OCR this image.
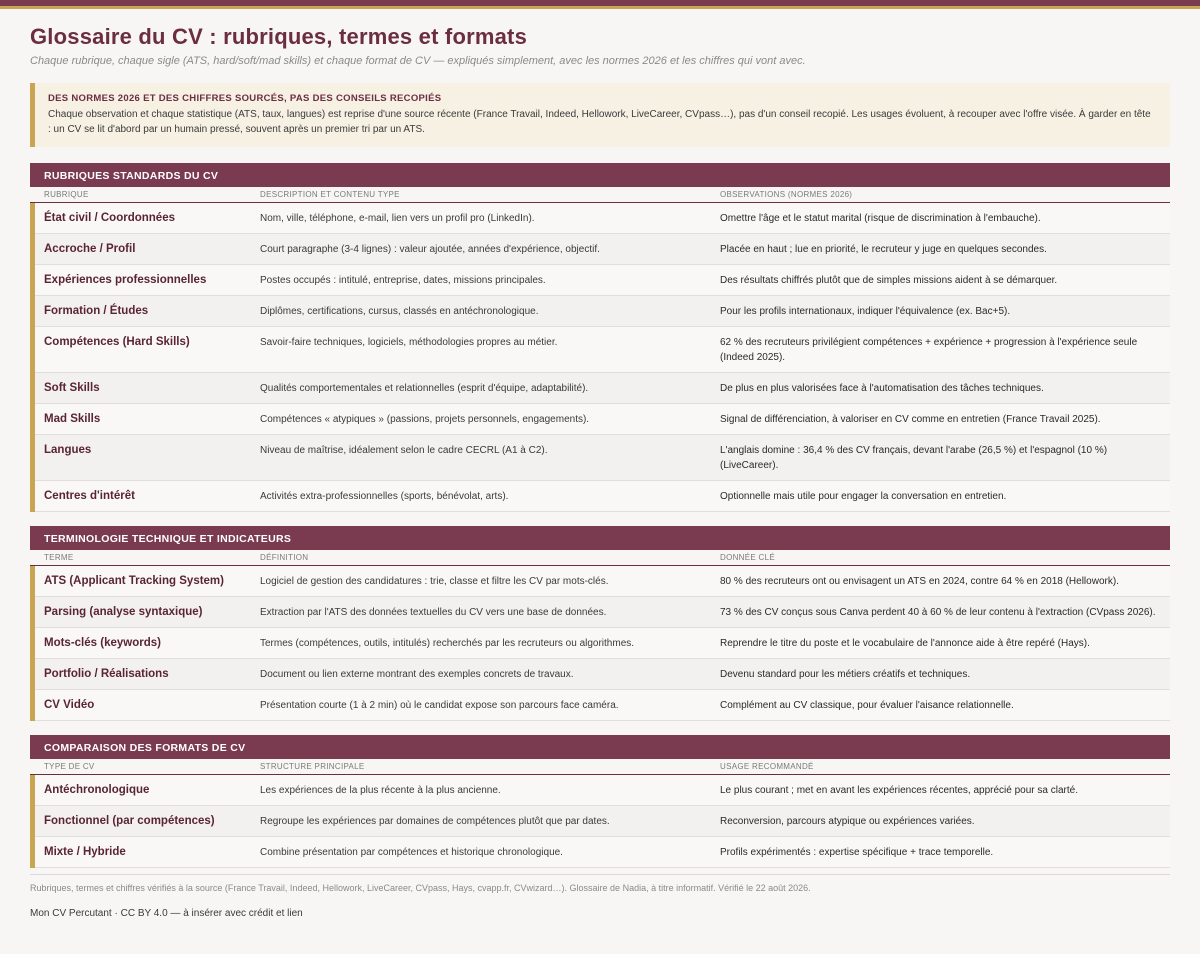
Glossaire du CV : rubriques, termes et formats

Chaque rubrique, chaque sigle (ATS, hard/soft/mad skills) et chaque format de CV — expliqués simplement, avec les normes 2026 et les chiffres qui vont avec.

DES NORMES 2026 ET DES CHIFFRES SOURCÉS, PAS DES CONSEILS RECOPIÉS
Chaque observation et chaque statistique (ATS, taux, langues) est reprise d'une source récente (France Travail, Indeed, Hellowork, LiveCareer, CVpass…), pas d'un conseil recopié. Les usages évoluent, à recouper avec l'offre visée. À garder en tête : un CV se lit d'abord par un humain pressé, souvent après un premier tri par un ATS.
RUBRIQUES STANDARDS DU CV
RUBRIQUE	DESCRIPTION ET CONTENU TYPE	OBSERVATIONS (NORMES 2026)
État civil / Coordonnées	Nom, ville, téléphone, e-mail, lien vers un profil pro (LinkedIn).	Omettre l'âge et le statut marital (risque de discrimination à l'embauche).
Accroche / Profil	Court paragraphe (3-4 lignes) : valeur ajoutée, années d'expérience, objectif.	Placée en haut ; lue en priorité, le recruteur y juge en quelques secondes.
Expériences professionnelles	Postes occupés : intitulé, entreprise, dates, missions principales.	Des résultats chiffrés plutôt que de simples missions aident à se démarquer.
Formation / Études	Diplômes, certifications, cursus, classés en antéchronologique.	Pour les profils internationaux, indiquer l'équivalence (ex. Bac+5).
Compétences (Hard Skills)	Savoir-faire techniques, logiciels, méthodologies propres au métier.	62 % des recruteurs privilégient compétences + expérience + progression à l'expérience seule (Indeed 2025).
Soft Skills	Qualités comportementales et relationnelles (esprit d'équipe, adaptabilité).	De plus en plus valorisées face à l'automatisation des tâches techniques.
Mad Skills	Compétences « atypiques » (passions, projets personnels, engagements).	Signal de différenciation, à valoriser en CV comme en entretien (France Travail 2025).
Langues	Niveau de maîtrise, idéalement selon le cadre CECRL (A1 à C2).	L'anglais domine : 36,4 % des CV français, devant l'arabe (26,5 %) et l'espagnol (10 %) (LiveCareer).
Centres d'intérêt	Activités extra-professionnelles (sports, bénévolat, arts).	Optionnelle mais utile pour engager la conversation en entretien.
TERMINOLOGIE TECHNIQUE ET INDICATEURS
TERME	DÉFINITION	DONNÉE CLÉ
ATS (Applicant Tracking System)	Logiciel de gestion des candidatures : trie, classe et filtre les CV par mots-clés.	80 % des recruteurs ont ou envisagent un ATS en 2024, contre 64 % en 2018 (Hellowork).
Parsing (analyse syntaxique)	Extraction par l'ATS des données textuelles du CV vers une base de données.	73 % des CV conçus sous Canva perdent 40 à 60 % de leur contenu à l'extraction (CVpass 2026).
Mots-clés (keywords)	Termes (compétences, outils, intitulés) recherchés par les recruteurs ou algorithmes.	Reprendre le titre du poste et le vocabulaire de l'annonce aide à être repéré (Hays).
Portfolio / Réalisations	Document ou lien externe montrant des exemples concrets de travaux.	Devenu standard pour les métiers créatifs et techniques.
CV Vidéo	Présentation courte (1 à 2 min) où le candidat expose son parcours face caméra.	Complément au CV classique, pour évaluer l'aisance relationnelle.
COMPARAISON DES FORMATS DE CV
TYPE DE CV	STRUCTURE PRINCIPALE	USAGE RECOMMANDÉ
Antéchronologique	Les expériences de la plus récente à la plus ancienne.	Le plus courant ; met en avant les expériences récentes, apprécié pour sa clarté.
Fonctionnel (par compétences)	Regroupe les expériences par domaines de compétences plutôt que par dates.	Reconversion, parcours atypique ou expériences variées.
Mixte / Hybride	Combine présentation par compétences et historique chronologique.	Profils expérimentés : expertise spécifique + trace temporelle.
Rubriques, termes et chiffres vérifiés à la source (France Travail, Indeed, Hellowork, LiveCareer, CVpass, Hays, cvapp.fr, CVwizard…). Glossaire de Nadia, à titre informatif. Vérifié le 22 août 2026.
Mon CV Percutant · CC BY 4.0 — à insérer avec crédit et lien
